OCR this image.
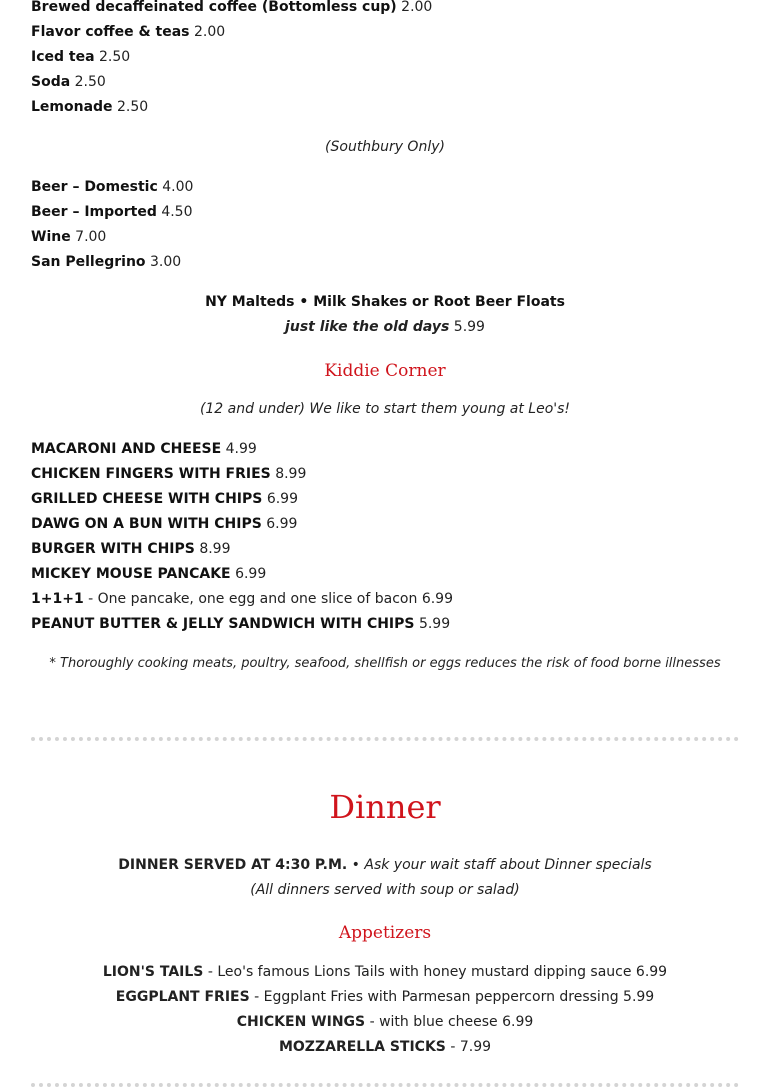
Brewed decaffeinated coffee (Bottomless cup) 2.00
Flavor coffee & teas 2.00
Iced tea 2.50
Soda 2.50
Lemonade 2.50
(Southbury Only)
Beer – Domestic 4.00
Beer – Imported 4.50
Wine 7.00
San Pellegrino 3.00
NY Malteds • Milk Shakes or Root Beer Floats
just like the old days 5.99
Kiddie Corner
(12 and under) We like to start them young at Leo's!
MACARONI AND CHEESE 4.99
CHICKEN FINGERS WITH FRIES 8.99
GRILLED CHEESE WITH CHIPS 6.99
DAWG ON A BUN WITH CHIPS 6.99
BURGER WITH CHIPS 8.99
MICKEY MOUSE PANCAKE 6.99
1+1+1 - One pancake, one egg and one slice of bacon 6.99
PEANUT BUTTER & JELLY SANDWICH WITH CHIPS 5.99
* Thoroughly cooking meats, poultry, seafood, shellfish or eggs reduces the risk of food borne illnesses
Dinner
DINNER SERVED AT 4:30 P.M. • Ask your wait staff about Dinner specials
(All dinners served with soup or salad)
Appetizers
LION'S TAILS - Leo's famous Lions Tails with honey mustard dipping sauce 6.99
EGGPLANT FRIES - Eggplant Fries with Parmesan peppercorn dressing 5.99
CHICKEN WINGS - with blue cheese 6.99
MOZZARELLA STICKS - 7.99
